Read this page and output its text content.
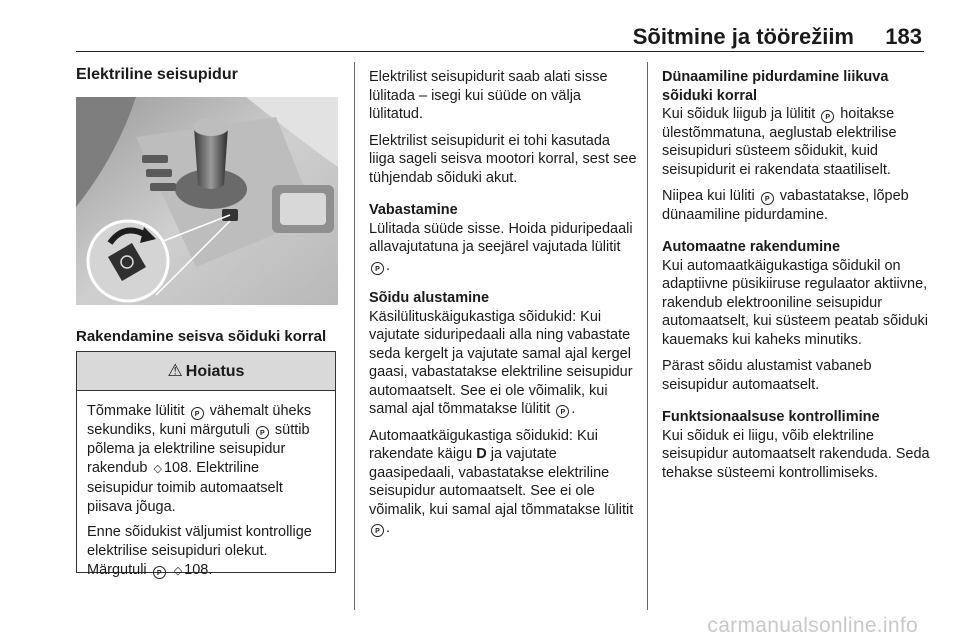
Sõitmine ja töörežiim 183
Elektriline seisupidur
Rakendamine seisva sõiduki korral
⚠ Hoiatus

Tõmmake lülitit P vähemalt üheks sekundiks, kuni märgutuli P süttib põlema ja elektriline seisupidur rakendub ◇ 108. Elektriline seisupidur toimib automaatselt piisava jõuga.

Enne sõidukist väljumist kontrollige elektrilise seisupiduri olekut. Märgutuli P ◇ 108.

Elektrilist seisupidurit saab alati sisse lülitada – isegi kui süüde on välja lülitatud.

Elektrilist seisupidurit ei tohi kasutada liiga sageli seisva mootori korral, sest see tühjendab sõiduki akut.

Vabastamine

Lülitada süüde sisse. Hoida piduripedaali allavajutatuna ja seejärel vajutada lülitit P .

Sõidu alustamine

Käsilülituskäigukastiga sõidukid: Kui vajutate siduripedaali alla ning vabastate seda kergelt ja vajutate samal ajal kergel gaasi, vabastatakse elektriline seisupidur automaatselt. See ei ole võimalik, kui samal ajal tõmmatakse lülitit P .

Automaatkäigukastiga sõidukid: Kui rakendate käigu D ja vajutate gaasipedaali, vabastatakse elektriline seisupidur automaatselt. See ei ole võimalik, kui samal ajal tõmmatakse lülitit P .

Dünaamiline pidurdamine liikuva sõiduki korral

Kui sõiduk liigub ja lülitit P hoitakse ülestõmmatuna, aeglustab elektrilise seisupiduri süsteem sõidukit, kuid seisupidurit ei rakendata staatiliselt.

Niipea kui lüliti P vabastatakse, lõpeb dünaamiline pidurdamine.

Automaatne rakendumine

Kui automaatkäigukastiga sõidukil on adaptiivne püsikiiruse regulaator aktiivne, rakendub elektrooniline seisupidur automaatselt, kui süsteem peatab sõiduki kauemaks kui kaheks minutiks.

Pärast sõidu alustamist vabaneb seisupidur automaatselt.

Funktsionaalsuse kontrollimine

Kui sõiduk ei liigu, võib elektriline seisupidur automaatselt rakenduda. Seda tehakse süsteemi kontrollimiseks.

carmanualsonline.info
